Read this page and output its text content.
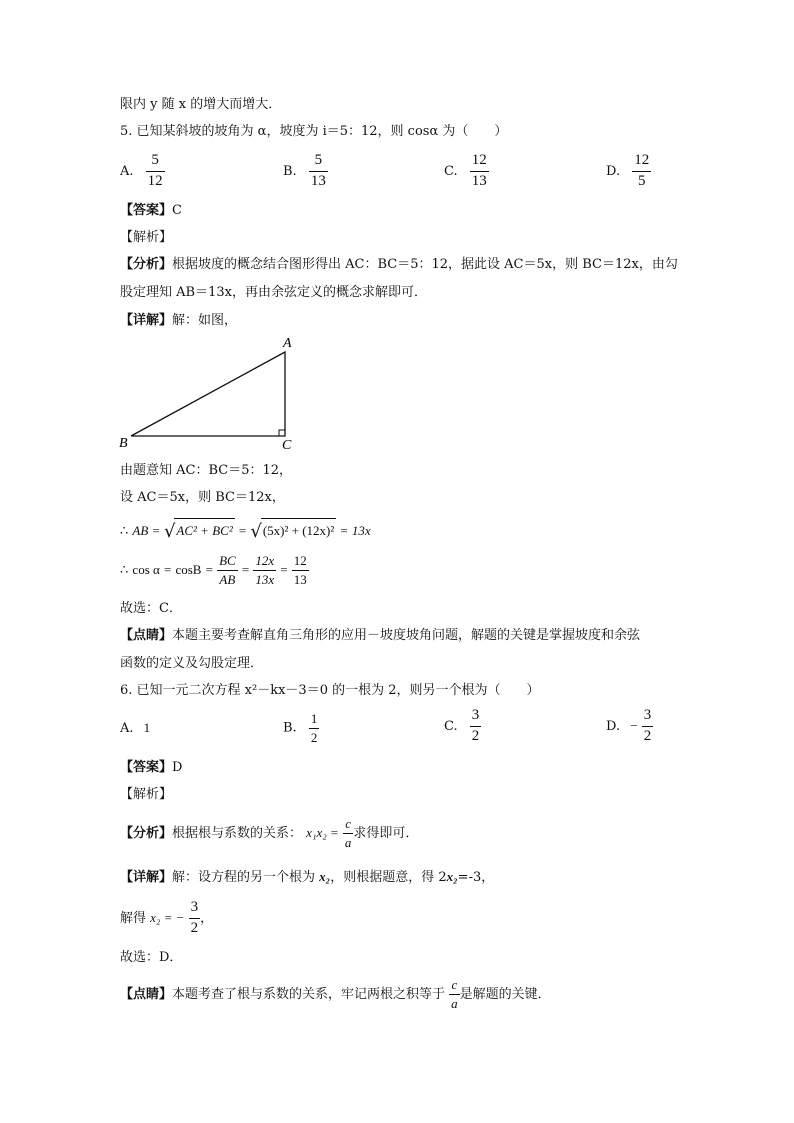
限内 y 随 x 的增大而增大．
5. 已知某斜坡的坡角为 α，坡度为 i＝5：12，则 cosα 为（　　）
A. $\frac{5}{12}$	B. $\frac{5}{13}$	C. $\frac{12}{13}$	D. $\frac{12}{5}$
【答案】C
【解析】
【分析】根据坡度的概念结合图形得出 AC：BC＝5：12，据此设 AC＝5x，则 BC＝12x，由勾
股定理知 AB＝13x，再由余弦定义的概念求解即可．
【详解】解：如图，
A
B	C
由题意知 AC：BC＝5：12，
设 AC＝5x，则 BC＝12x，
∴ AB = √AC² + BC² = √(5x)² + (12x)² = 13x
∴ $\cos \alpha = \cos B = \frac{BC}{AB} = \frac{12x}{13x} = \frac{12}{13}$
故选：C．
【点睛】本题主要考查解直角三角形的应用－坡度坡角问题，解题的关键是掌握坡度和余弦
函数的定义及勾股定理．
6. 已知一元二次方程 x²－kx－3＝0 的一根为 2，则另一个根为（　　）
A. 1	B. $\frac{1}{2}$	C. $\frac{3}{2}$	D. − $\frac{3}{2}$
【答案】D
【解析】
【分析】根据根与系数的关系： $x_1x_2 = \frac{c}{a}$ 求得即可．
【详解】解：设方程的另一个根为 x₂，则根据题意，得 2x₂=-3，
解得 x₂ = − $\frac{3}{2}$ ，
故选：D．
【点睛】本题考查了根与系数的关系，牢记两根之积等于 $\frac{c}{a}$ 是解题的关键．
